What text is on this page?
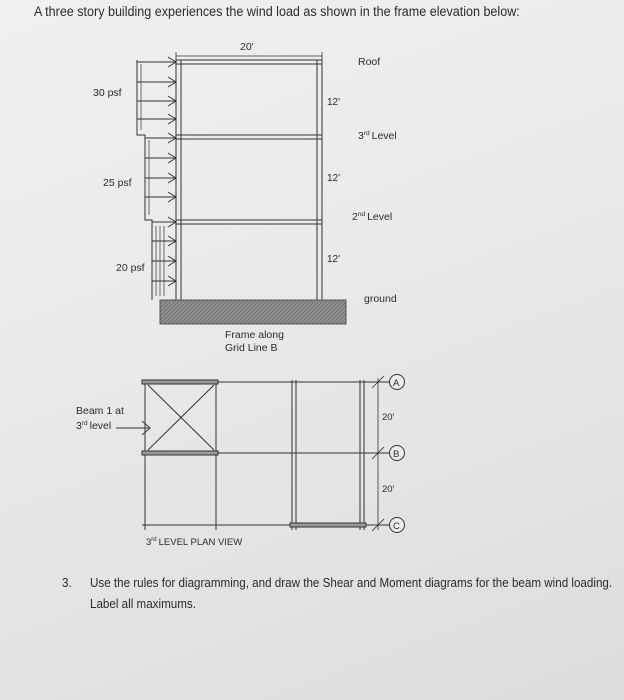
A three story building experiences the wind load as shown in the frame elevation below:
20'
12'
12'
12'
Roof
3rd Level
2nd Level
ground
30 psf
25 psf
20 psf
Frame along
Grid Line B
Beam 1 at
3rd level
A
B
C
20'
20'
3rd LEVEL PLAN VIEW
3. Use the rules for diagramming, and draw the Shear and Moment diagrams for the beam wind loading.
Label all maximums.
